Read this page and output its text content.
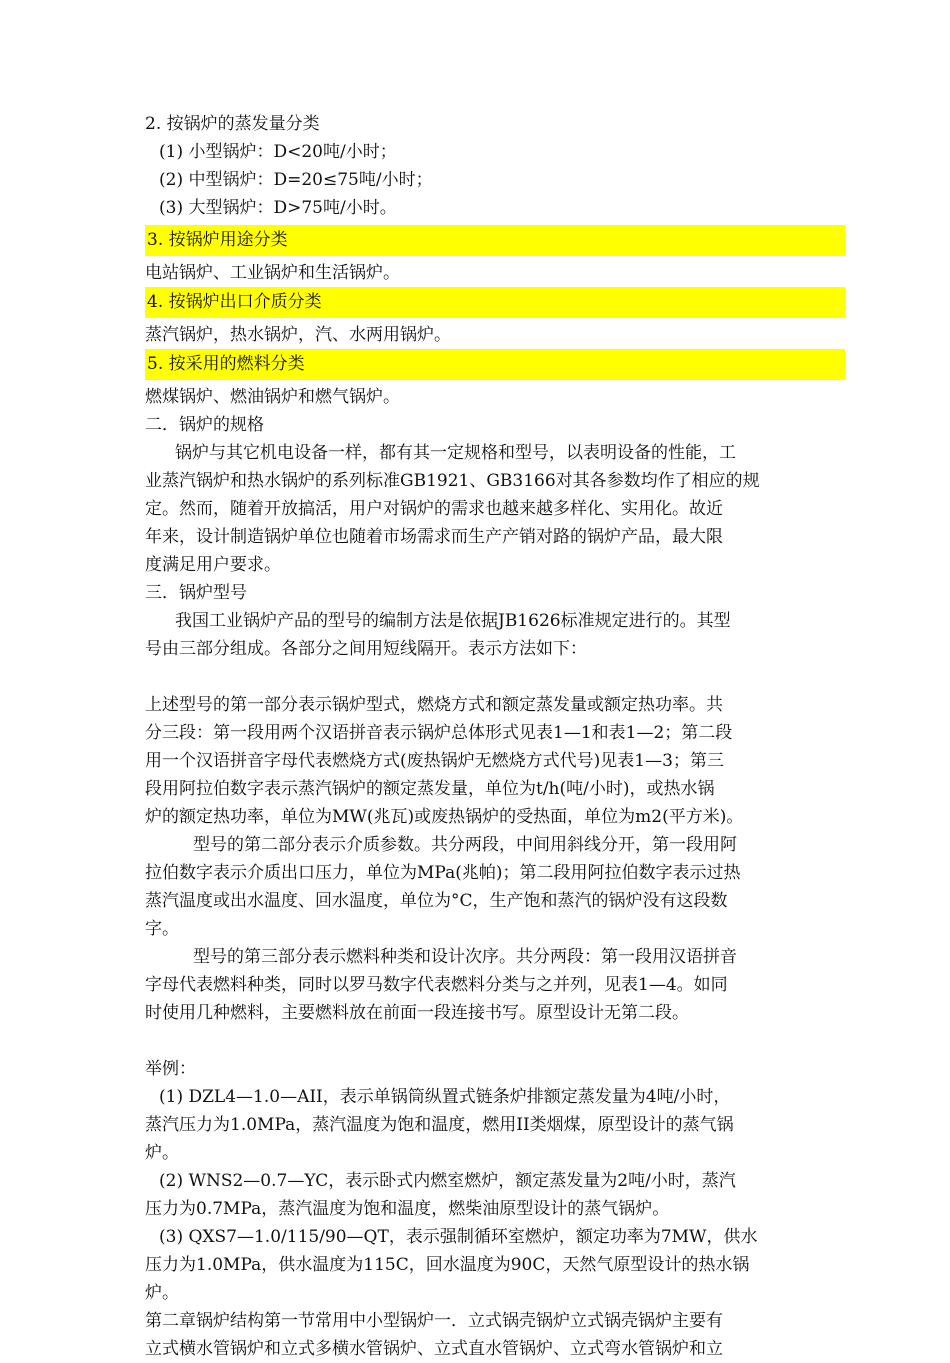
2. 按锅炉的蒸发量分类
(1) 小型锅炉：D<20吨/小时；
(2) 中型锅炉：D=20≤75吨/小时；
(3) 大型锅炉：D>75吨/小时。
3. 按锅炉用途分类
电站锅炉、工业锅炉和生活锅炉。
4. 按锅炉出口介质分类
蒸汽锅炉，热水锅炉，汽、水两用锅炉。
5. 按采用的燃料分类
燃煤锅炉、燃油锅炉和燃气锅炉。
二．锅炉的规格
锅炉与其它机电设备一样，都有其一定规格和型号，以表明设备的性能，工
业蒸汽锅炉和热水锅炉的系列标准GB1921、GB3166对其各参数均作了相应的规
定。然而，随着开放搞活，用户对锅炉的需求也越来越多样化、实用化。故近
年来，设计制造锅炉单位也随着市场需求而生产产销对路的锅炉产品，最大限
度满足用户要求。
三．锅炉型号
我国工业锅炉产品的型号的编制方法是依据JB1626标准规定进行的。其型
号由三部分组成。各部分之间用短线隔开。表示方法如下：
上述型号的第一部分表示锅炉型式，燃烧方式和额定蒸发量或额定热功率。共
分三段：第一段用两个汉语拼音表示锅炉总体形式见表1—1和表1—2；第二段
用一个汉语拼音字母代表燃烧方式(废热锅炉无燃烧方式代号)见表1—3；第三
段用阿拉伯数字表示蒸汽锅炉的额定蒸发量，单位为t/h(吨/小时)，或热水锅
炉的额定热功率，单位为MW(兆瓦)或废热锅炉的受热面，单位为m2(平方米)。
型号的第二部分表示介质参数。共分两段，中间用斜线分开，第一段用阿
拉伯数字表示介质出口压力，单位为MPa(兆帕)；第二段用阿拉伯数字表示过热
蒸汽温度或出水温度、回水温度，单位为°C，生产饱和蒸汽的锅炉没有这段数
字。
型号的第三部分表示燃料种类和设计次序。共分两段：第一段用汉语拼音
字母代表燃料种类，同时以罗马数字代表燃料分类与之并列，见表1—4。如同
时使用几种燃料，主要燃料放在前面一段连接书写。原型设计无第二段。
举例：
(1) DZL4—1.0—AII，表示单锅筒纵置式链条炉排额定蒸发量为4吨/小时，
蒸汽压力为1.0MPa，蒸汽温度为饱和温度，燃用II类烟煤，原型设计的蒸气锅
炉。
(2) WNS2—0.7—YC，表示卧式内燃室燃炉，额定蒸发量为2吨/小时，蒸汽
压力为0.7MPa，蒸汽温度为饱和温度，燃柴油原型设计的蒸气锅炉。
(3) QXS7—1.0/115/90—QT，表示强制循环室燃炉，额定功率为7MW，供水
压力为1.0MPa，供水温度为115C，回水温度为90C，天然气原型设计的热水锅
炉。
第二章锅炉结构第一节常用中小型锅炉一．立式锅壳锅炉立式锅壳锅炉主要有
立式横水管锅炉和立式多横水管锅炉、立式直水管锅炉、立式弯水管锅炉和立
